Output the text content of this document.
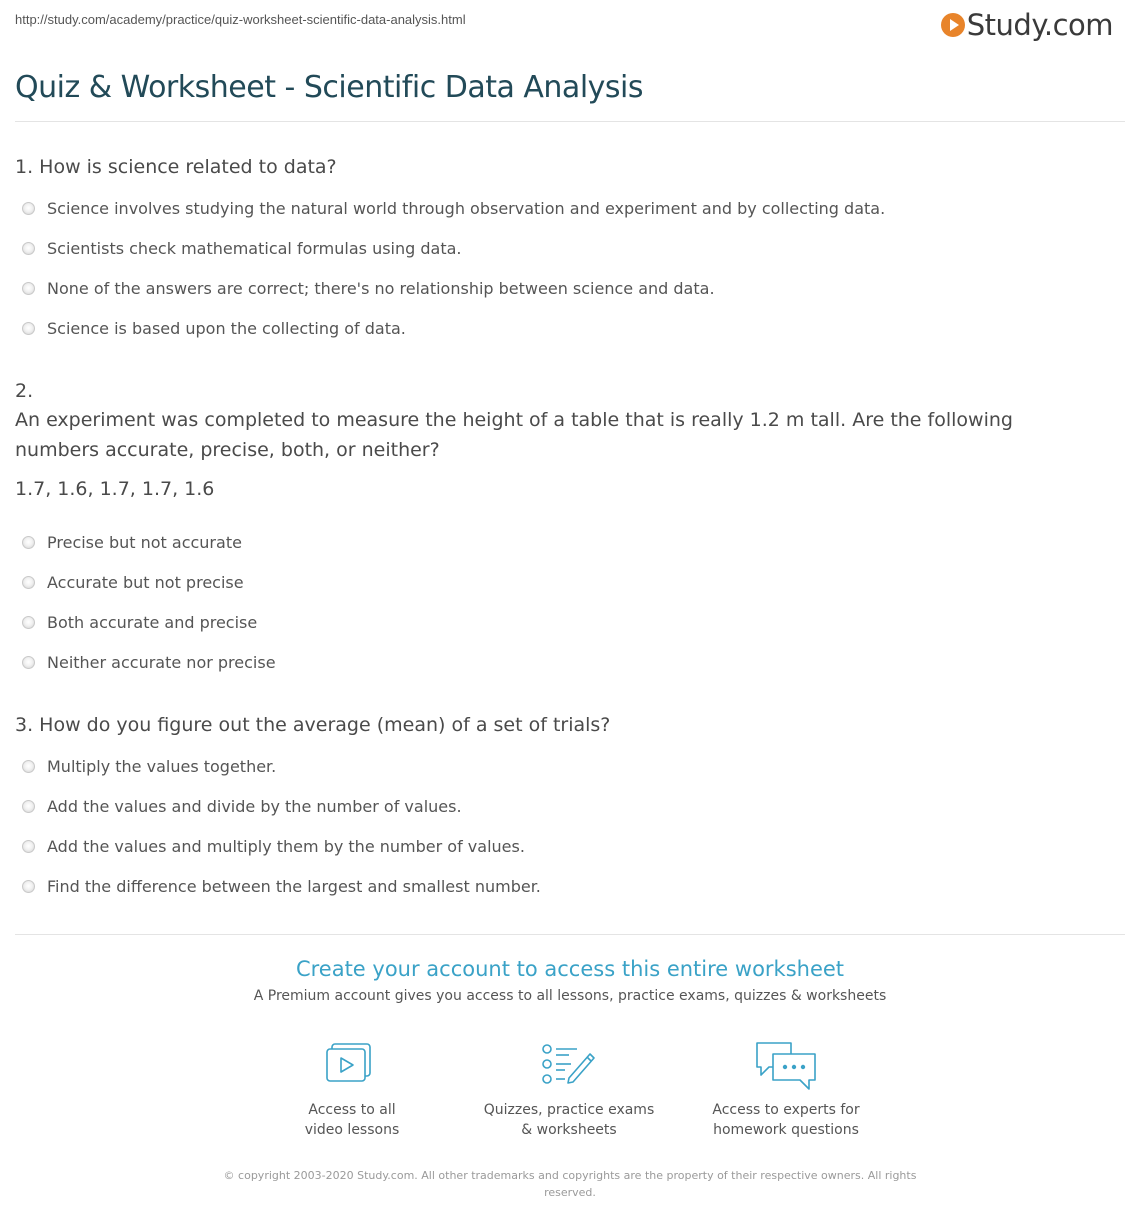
http://study.com/academy/practice/quiz-worksheet-scientific-data-analysis.html	Study.com
Quiz & Worksheet - Scientific Data Analysis
1. How is science related to data?
Science involves studying the natural world through observation and experiment and by collecting data.
Scientists check mathematical formulas using data.
None of the answers are correct; there's no relationship between science and data.
Science is based upon the collecting of data.
2.
An experiment was completed to measure the height of a table that is really 1.2 m tall. Are the following numbers accurate, precise, both, or neither?
1.7, 1.6, 1.7, 1.7, 1.6
Precise but not accurate
Accurate but not precise
Both accurate and precise
Neither accurate nor precise
3. How do you figure out the average (mean) of a set of trials?
Multiply the values together.
Add the values and divide by the number of values.
Add the values and multiply them by the number of values.
Find the difference between the largest and smallest number.
Create your account to access this entire worksheet
A Premium account gives you access to all lessons, practice exams, quizzes & worksheets
Access to all
video lessons
Quizzes, practice exams
& worksheets
Access to experts for
homework questions
© copyright 2003-2020 Study.com. All other trademarks and copyrights are the property of their respective owners. All rights reserved.
